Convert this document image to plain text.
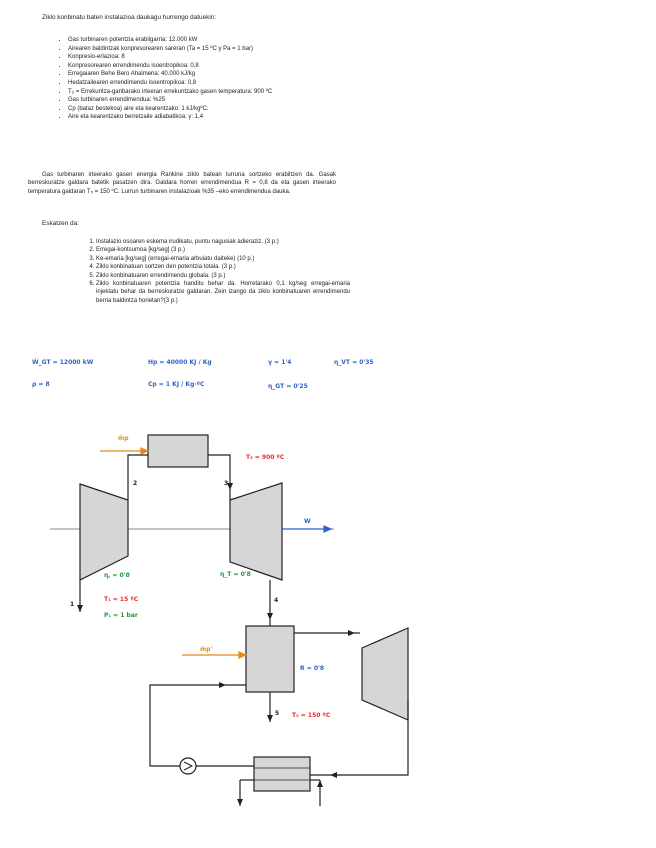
Ziklo konbinatu baten instalazioa daukagu hurrengo datuekin:
• Gas turbinaren potentzia erabilgarria: 12.000 kW
• Airearen baldintzak konpresorearen sareran (Ta = 15 ºC y Pa = 1 bar)
• Konpresio-erlazioa: 8
• Konpresorearen errendimendu isoentropikoa: 0,8
• Erregaiaren Behe Bero Ahalmena: 40.000 kJ/kg
• Hedatzailearen errendimendu isoentropikoa: 0,8
• T₃ = Errekuntza-ganbarako irteeran errekuntzako gasen temperatura: 900 ºC
• Gas turbinaren errendimendua: %25
• Cp (bataz bestekoa) aire eta kearentzako: 1 kJ/kgºC.
• Aire eta kearentzako berretzaile adiabatikoa: γ: 1,4
Gas turbinaren irteerako gasen energia Rankine ziklo batean lurruna sortzeko erabiltzen da. Gasak berreskuratze galdara batetik pasatzen dira. Galdara horren errendimendua R = 0,8 da eta gasen irteerako temperatura galdaran T₅ = 150 ºC. Lurrun turbinaren instalazioak %35 –eko errendimendua dauka.
Eskatzen da:
1. Instalazio osoaren eskema irudikatu, puntu nagusiak adieraziz. (3 p.)
2. Erregai-kontsumoa [kg/seg] (3 p.)
3. Ke-emaria [kg/seg] (erregai-emaria arbuiatu daiteke) (10 p.)
4. Ziklo konbinatuan sortzen den potentzia totala. (3 p.)
5. Ziklo konbinatuaren errendimendu globala. (3 p.)
6. Ziklo konbinatuaren potentzia handitu behar da. Horretarako 0,1 kg/seg erregai-emaria injektatu behar da berreskuratze galdaran. Zein izango da ziklo konbinatuaren errendimendu berria baldintza horietan?(3 p.)
Ẇ_GT = 12000 kW	Hp = 40000 KJ / Kg	γ = 1'4	η_VT = 0'35
ρ = 8	Cp = 1 KJ / Kg·ºC	η_GT = 0'25
ṁp
T₃ = 900 ºC
2	3
W
η꜀ = 0'8	η_T = 0'8
4
T₁ = 15 ºC
1
P₁ = 1 bar
ṁp'
R = 0'8
5 T₅ = 150 ºC
